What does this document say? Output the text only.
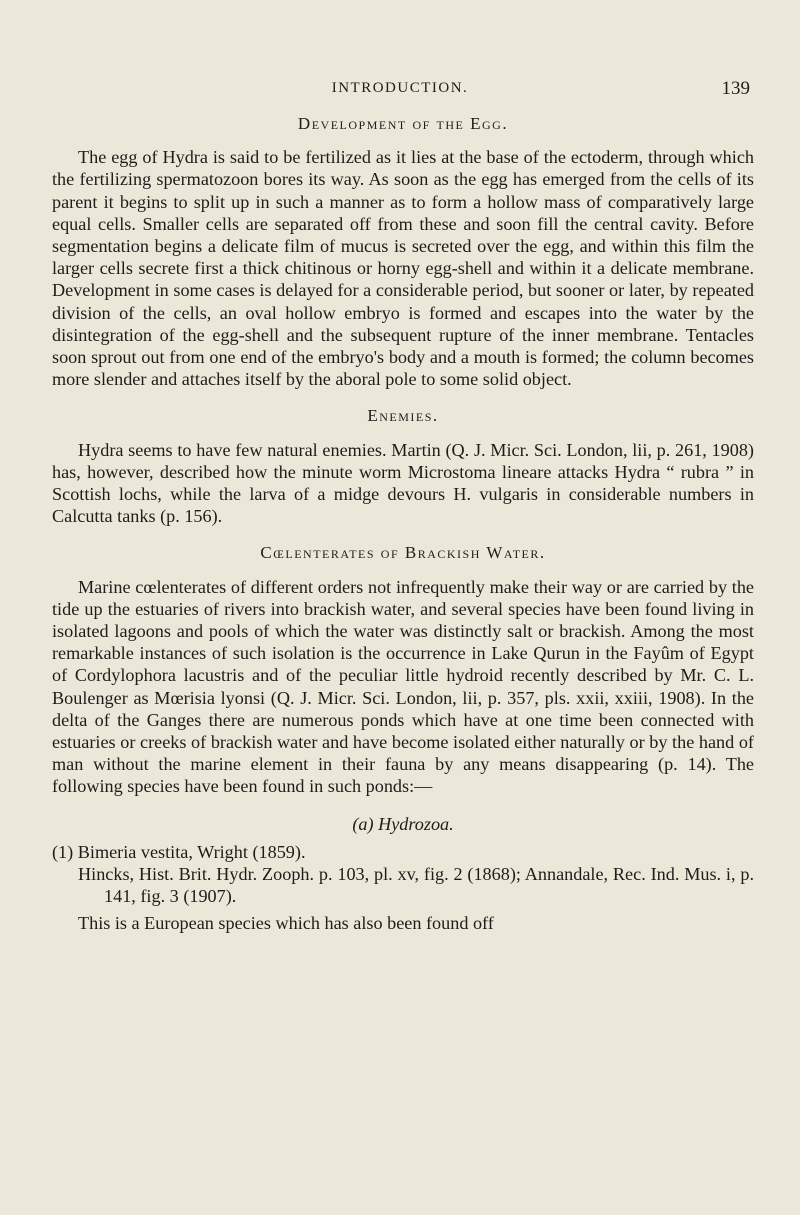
INTRODUCTION.	139
Development of the Egg.

The egg of Hydra is said to be fertilized as it lies at the base of the ectoderm, through which the fertilizing spermatozoon bores its way. As soon as the egg has emerged from the cells of its parent it begins to split up in such a manner as to form a hollow mass of comparatively large equal cells. Smaller cells are separated off from these and soon fill the central cavity. Before segmentation begins a delicate film of mucus is secreted over the egg, and within this film the larger cells secrete first a thick chitinous or horny egg-shell and within it a delicate membrane. Development in some cases is delayed for a considerable period, but sooner or later, by repeated division of the cells, an oval hollow embryo is formed and escapes into the water by the disintegration of the egg-shell and the subsequent rupture of the inner membrane. Tentacles soon sprout out from one end of the embryo's body and a mouth is formed; the column becomes more slender and attaches itself by the aboral pole to some solid object.

Enemies.

Hydra seems to have few natural enemies. Martin (Q. J. Micr. Sci. London, lii, p. 261, 1908) has, however, described how the minute worm Microstoma lineare attacks Hydra “ rubra ” in Scottish lochs, while the larva of a midge devours H. vulgaris in considerable numbers in Calcutta tanks (p. 156).

Cœlenterates of Brackish Water.

Marine cœlenterates of different orders not infrequently make their way or are carried by the tide up the estuaries of rivers into brackish water, and several species have been found living in isolated lagoons and pools of which the water was distinctly salt or brackish. Among the most remarkable instances of such isolation is the occurrence in Lake Qurun in the Fayûm of Egypt of Cordylophora lacustris and of the peculiar little hydroid recently described by Mr. C. L. Boulenger as Mœrisia lyonsi (Q. J. Micr. Sci. London, lii, p. 357, pls. xxii, xxiii, 1908). In the delta of the Ganges there are numerous ponds which have at one time been connected with estuaries or creeks of brackish water and have become isolated either naturally or by the hand of man without the marine element in their fauna by any means disappearing (p. 14). The following species have been found in such ponds:—

(a) Hydrozoa.

(1) Bimeria vestita, Wright (1859).

Hincks, Hist. Brit. Hydr. Zooph. p. 103, pl. xv, fig. 2 (1868); Annandale, Rec. Ind. Mus. i, p. 141, fig. 3 (1907).

This is a European species which has also been found off
